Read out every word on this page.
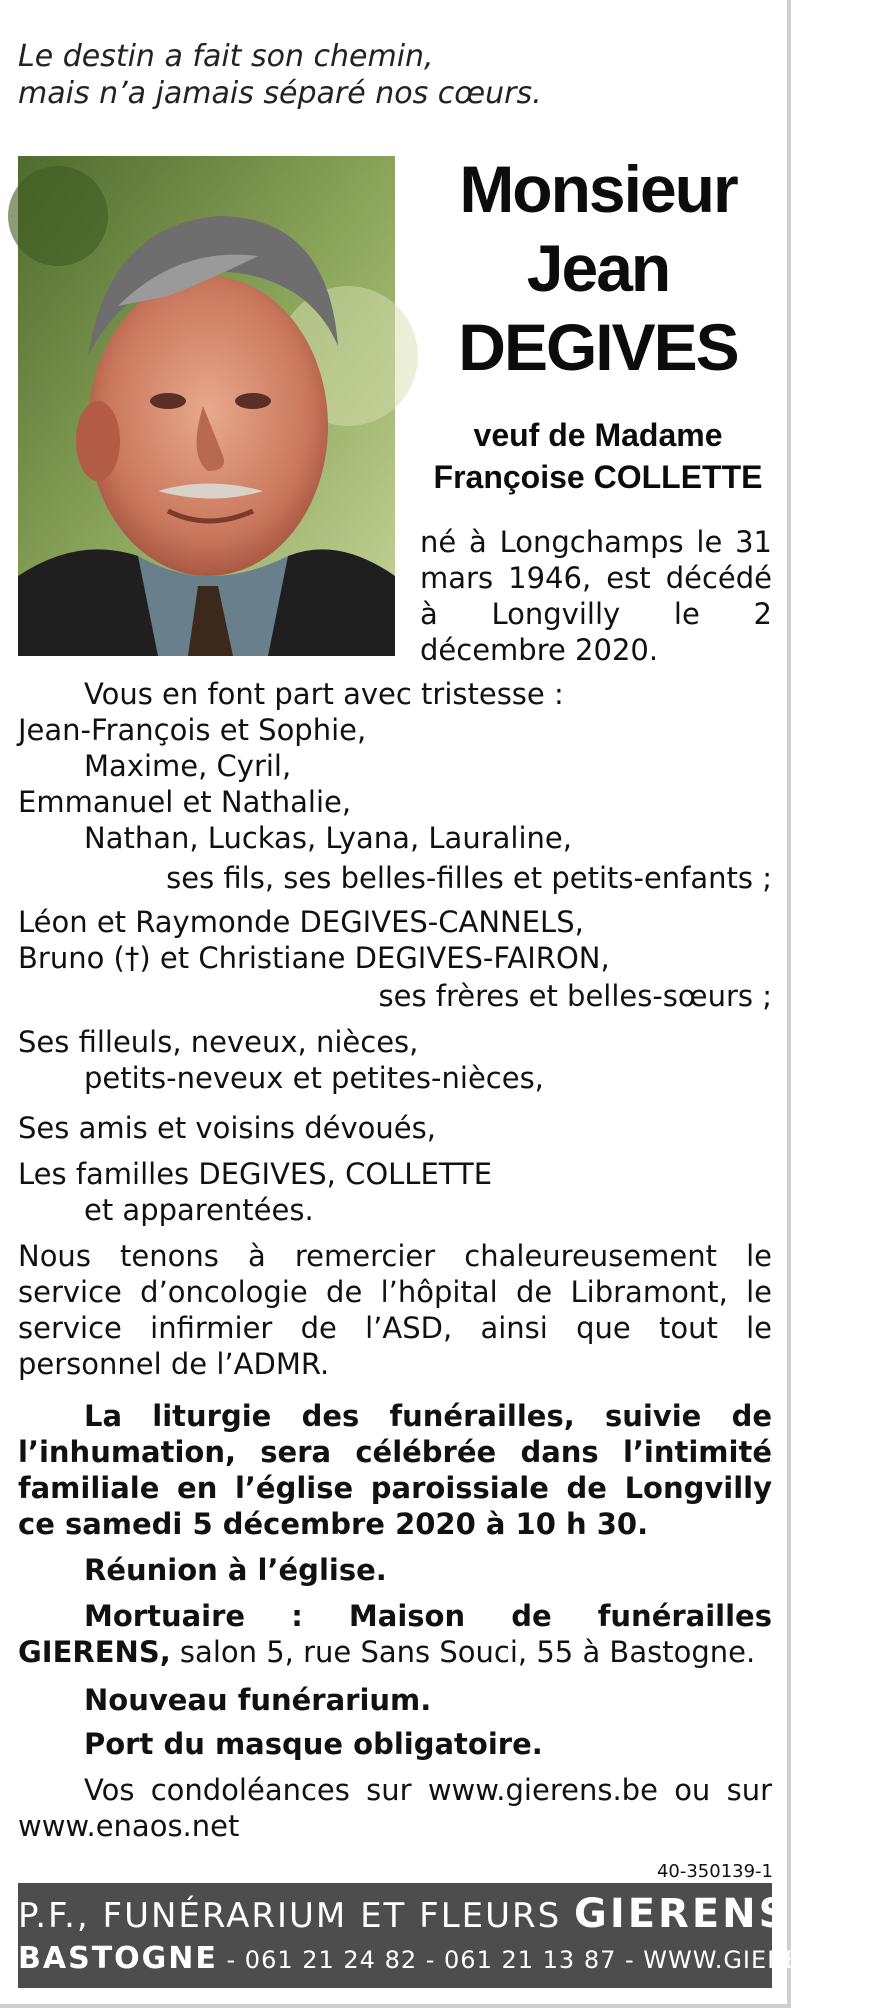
Le destin a fait son chemin,
mais n’a jamais séparé nos cœurs.
Monsieur
Jean
DEGIVES
veuf de Madame
Françoise COLLETTE
né à Longchamps le 31 mars 1946, est décédé à Longvilly le 2 décembre 2020.
Vous en font part avec tristesse :
Jean-François et Sophie,
Maxime, Cyril,
Emmanuel et Nathalie,
Nathan, Luckas, Lyana, Lauraline,
ses fils, ses belles-filles et petits-enfants ;
Léon et Raymonde DEGIVES-CANNELS,
Bruno (†) et Christiane DEGIVES-FAIRON,
ses frères et belles-sœurs ;
Ses filleuls, neveux, nièces,
petits-neveux et petites-nièces,
Ses amis et voisins dévoués,
Les familles DEGIVES, COLLETTE
et apparentées.
Nous tenons à remercier chaleureusement le service d’oncologie de l’hôpital de Libramont, le service infirmier de l’ASD, ainsi que tout le personnel de l’ADMR.
La liturgie des funérailles, suivie de l’inhumation, sera célébrée dans l’intimité familiale en l’église paroissiale de Longvilly ce samedi 5 décembre 2020 à 10 h 30.
Réunion à l’église.
Mortuaire : Maison de funérailles GIERENS, salon 5, rue Sans Souci, 55 à Bastogne.
Nouveau funérarium.
Port du masque obligatoire.
Vos condoléances sur www.gierens.be ou sur www.enaos.net
40-350139-1
P.F., FUNÉRARIUM ET FLEURS GIERENS
BASTOGNE - 061 21 24 82 - 061 21 13 87 - WWW.GIERENS.BE
